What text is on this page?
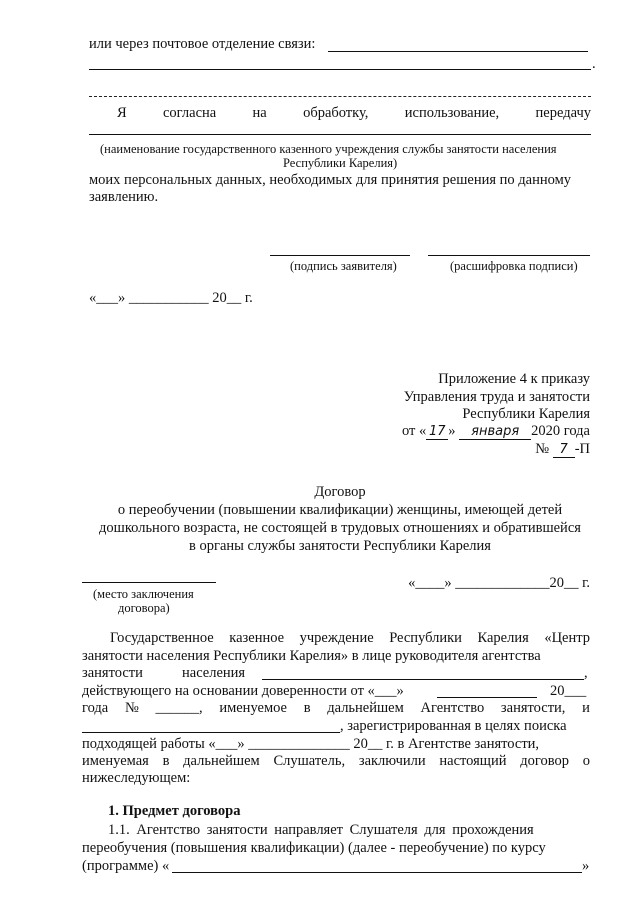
или через почтовое отделение связи:
.
Я	согласна	на	обработку,	использование,	передачу
(наименование государственного казенного учреждения службы занятости населения
Республики Карелия)
моих персональных данных, необходимых для принятия решения по данному
заявлению.
(подпись заявителя)	(расшифровка подписи)
«___» ___________ 20__ г.
Приложение 4 к приказу
Управления труда и занятости
Республики Карелия
от « 17 » января 2020 года
№ 7 -П
Договор
о переобучении (повышении квалификации) женщины, имеющей детей
дошкольного возраста, не состоящей в трудовых отношениях и обратившейся
в органы службы занятости Республики Карелия
(место заключения
договора)
«____» _____________20__ г.
Государственное казенное учреждение Республики Карелия «Центр
занятости населения Республики Карелия» в лице руководителя агентства
занятости	населения	,
действующего на основании доверенности от «___»	20___
года № ______, именуемое в дальнейшем Агентство занятости, и
, зарегистрированная в целях поиска
подходящей работы «___» ______________ 20__ г. в Агентстве занятости,
именуемая в дальнейшем Слушатель, заключили настоящий договор о
нижеследующем:
1. Предмет договора
1.1. Агентство занятости направляет Слушателя для прохождения
переобучения (повышения квалификации) (далее - переобучение) по курсу
(программе) «	»
